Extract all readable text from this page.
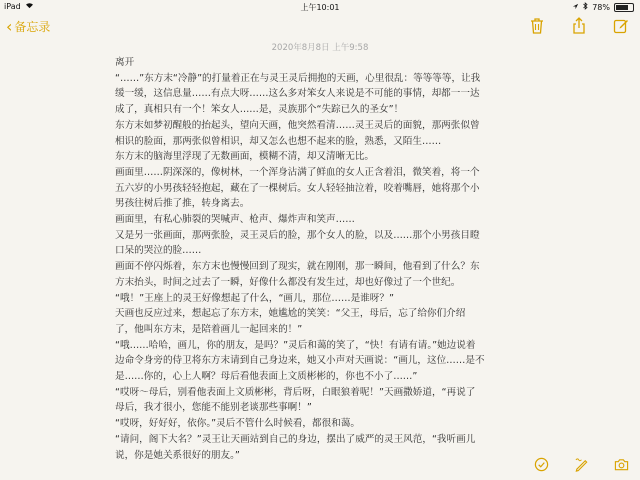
iPad	上午10:01	78%
‹ 备忘录
2020年8月8日 上午9:58

离开

“……”东方末“冷静”的打量着正在与灵王灵后拥抱的天画，心里很乱：等等等等，让我

缓一缓，这信息量……有点大呀……这么多对笨女人来说是不可能的事情，却都一一达

成了，真相只有一个！笨女人……是，灵族那个“失踪已久的圣女”！

东方末如梦初醒般的抬起头，望向天画，他突然看清……灵王灵后的面貌，那两张似曾

相识的脸面，那两张似曾相识，却又怎么也想不起来的脸，熟悉，又陌生……

东方末的脑海里浮现了无数画面，模糊不清，却又清晰无比。

画面里……阴深深的，像树林，一个浑身沾满了鲜血的女人正含着泪，微笑着，将一个

五六岁的小男孩轻轻抱起，藏在了一棵树后。女人轻轻抽泣着，咬着嘴唇，她将那个小

男孩往树后推了推，转身离去。

画面里，有私心肺裂的哭喊声、枪声、爆炸声和笑声……

又是另一张画面，那两张脸，灵王灵后的脸，那个女人的脸，以及……那个小男孩目瞪

口呆的哭泣的脸……

画面不停闪烁着，东方末也慢慢回到了现实，就在刚刚，那一瞬间，他看到了什么？东

方末抬头，时间之过去了一瞬，好像什么都没有发生过，却也好像过了一个世纪。

“哦！”王座上的灵王好像想起了什么，“画儿，那位……是谁呀？”

天画也反应过来，想起忘了东方末，她尴尬的笑笑：“父王，母后，忘了给你们介绍

了，他叫东方末，是陪着画儿一起回来的！”

“哦……哈哈，画儿，你的朋友，是吗？”灵后和蔼的笑了，“快！有请有请。”她边说着

边命令身旁的侍卫将东方末请到自己身边来，她又小声对天画说：“画儿，这位……是不

是……你的，心上人啊？母后看他表面上文质彬彬的，你也不小了……”

“哎呀～母后，别看他表面上文质彬彬，背后呀，白眼狼着呢！”天画撒娇道，“再说了

母后，我才很小，您能不能别老谈那些事啊！”

“哎呀，好好好，依你。”灵后不管什么时候看，都很和蔼。

“请问，阁下大名？”灵王让天画站到自己的身边，摆出了威严的灵王风范，“我听画儿

说，你是她关系很好的朋友。”
